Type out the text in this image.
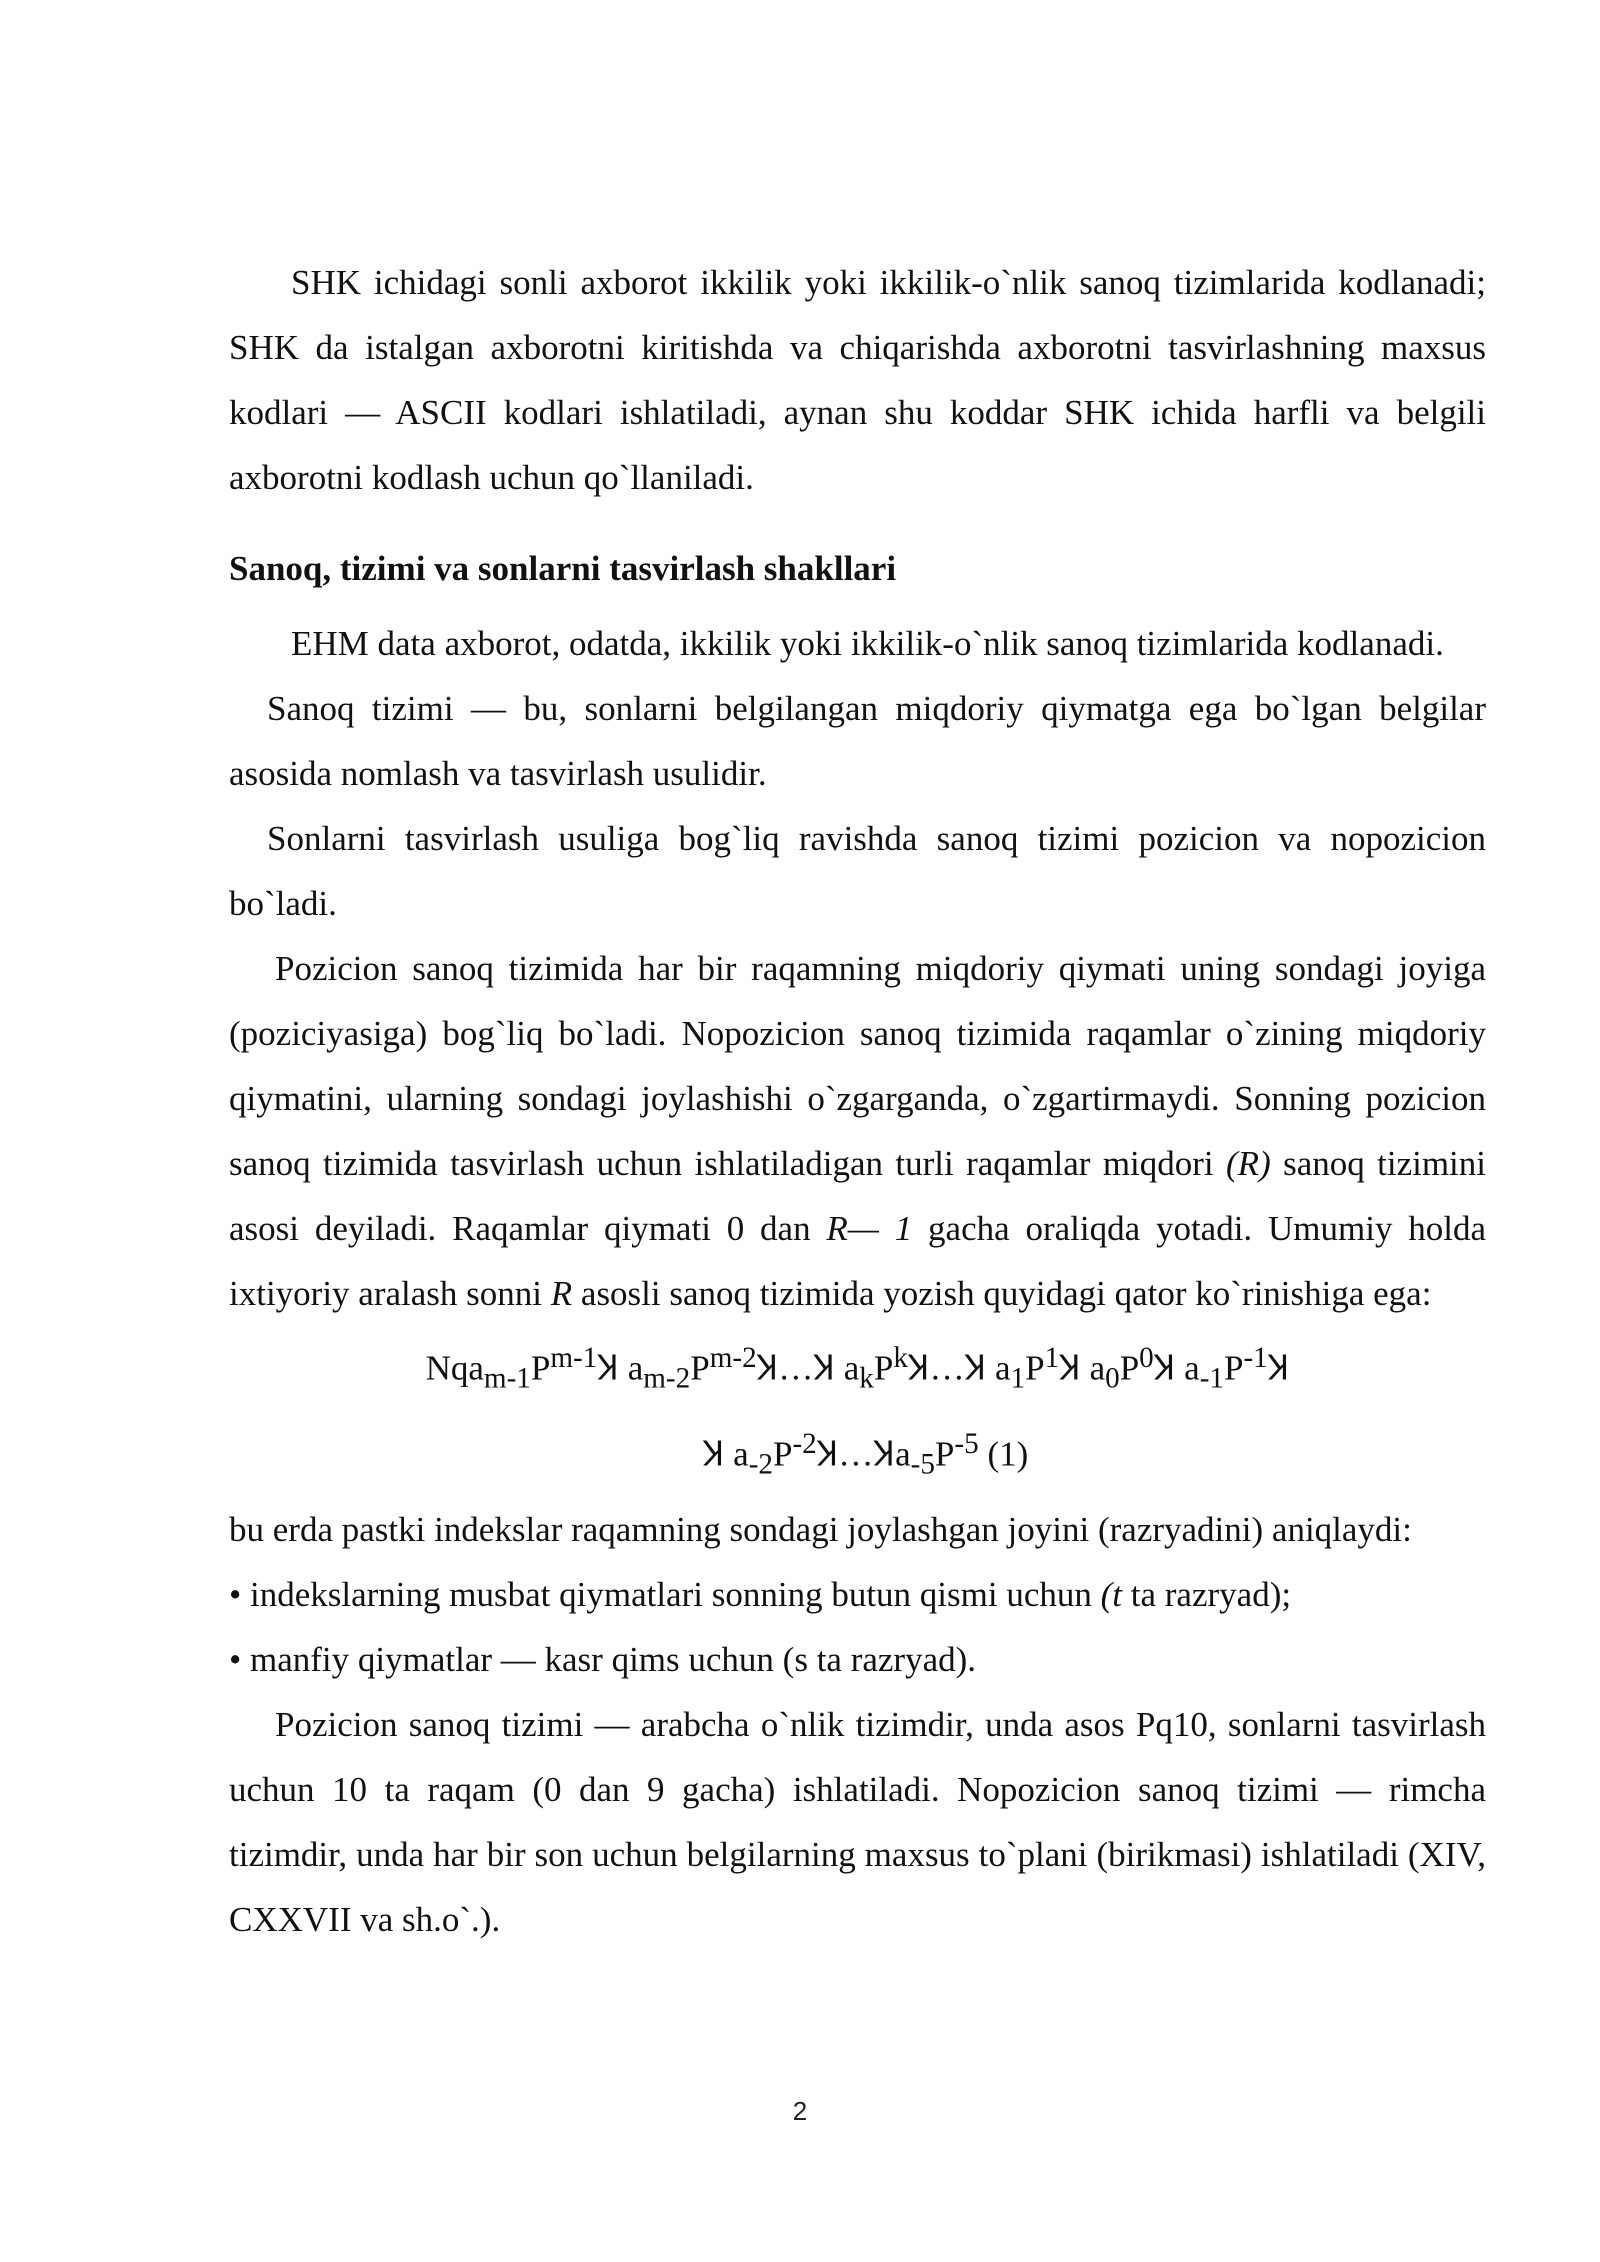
SHK ichidagi sonli axborot ikkilik yoki ikkilik-o`nlik sanoq tizimlarida kodlanadi; SHK da istalgan axborotni kiritishda va chiqarishda axborotni tasvirlashning maxsus kodlari — ASCII kodlari ishlatiladi, aynan shu koddar SHK ichida harfli va belgili axborotni kodlash uchun qo`llaniladi.

Sanoq, tizimi va sonlarni tasvirlash shakllari

EHM data axborot, odatda, ikkilik yoki ikkilik-o`nlik sanoq tizimlarida kodlanadi.

Sanoq tizimi — bu, sonlarni belgilangan miqdoriy qiymatga ega bo`lgan belgilar asosida nomlash va tasvirlash usulidir.

Sonlarni tasvirlash usuliga bog`liq ravishda sanoq tizimi pozicion va nopozicion bo`ladi.

Pozicion sanoq tizimida har bir raqamning miqdoriy qiymati uning sondagi joyiga (poziciyasiga) bog`liq bo`ladi. Nopozicion sanoq tizimida raqamlar o`zining miqdoriy qiymatini, ularning sondagi joylashishi o`zgarganda, o`zgartirmaydi. Sonning pozicion sanoq tizimida tasvirlash uchun ishlatiladigan turli raqamlar miqdori (R) sanoq tizimini asosi deyiladi. Raqamlar qiymati 0 dan R— 1 gacha oraliqda yotadi. Umumiy holda ixtiyoriy aralash sonni R asosli sanoq tizimida yozish quyidagi qator ko`rinishiga ega:

$Nqa_{m-1}P^{m-1}Ʞ$ $a_{m-2}P^{m-2}Ʞ\dots Ʞ$ $a_kP^kꞰ\dots Ʞ$ $a_1P^1Ʞ$ $a_0P^0Ʞ$ $a_{-1}P^{-1}Ʞ$
Ʞ $a_{-2}P^{-2}Ʞ\dots Ʞa_{-5}P^{-5}$ (1)

bu erda pastki indekslar raqamning sondagi joylashgan joyini (razryadini) aniqlaydi:

• indekslarning musbat qiymatlari sonning butun qismi uchun (t ta razryad);

• manfiy qiymatlar — kasr qims uchun (s ta razryad).

Pozicion sanoq tizimi — arabcha o`nlik tizimdir, unda asos Pq10, sonlarni tasvirlash uchun 10 ta raqam (0 dan 9 gacha) ishlatiladi. Nopozicion sanoq tizimi — rimcha tizimdir, unda har bir son uchun belgilarning maxsus to`plani (birikmasi) ishlatiladi (XIV, CXXVII va sh.o`.).

2
